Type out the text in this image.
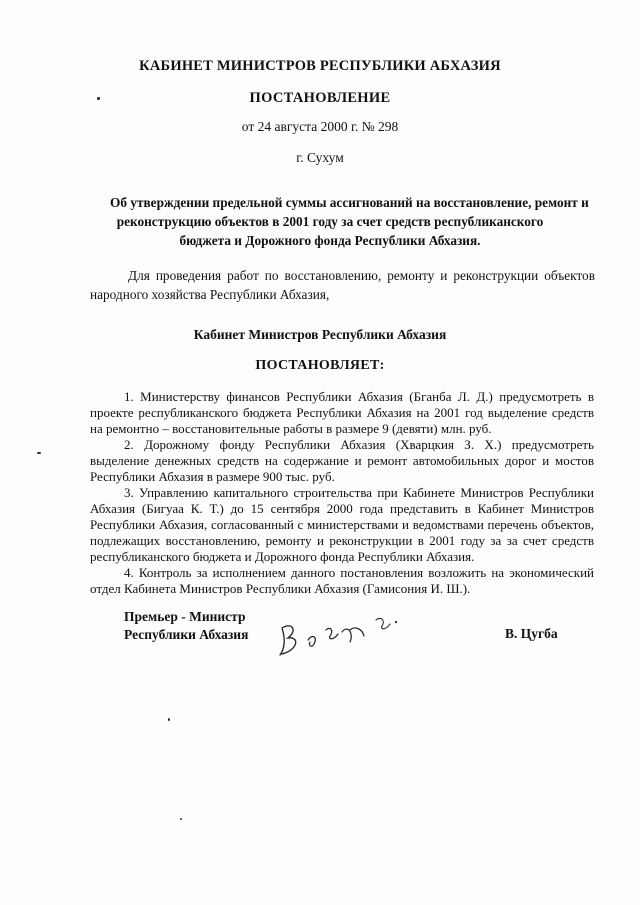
КАБИНЕТ МИНИСТРОВ РЕСПУБЛИКИ АБХАЗИЯ
ПОСТАНОВЛЕНИЕ
от 24 августа 2000 г. № 298
г. Сухум
Об утверждении предельной суммы ассигнований на восстановление, ремонт и
реконструкцию объектов в 2001 году за счет средств республиканского
бюджета и Дорожного фонда Республики Абхазия.
Для проведения работ по восстановлению, ремонту и реконструкции объектов
народного хозяйства Республики Абхазия,
Кабинет Министров Республики Абхазия
ПОСТАНОВЛЯЕТ:
1. Министерству финансов Республики Абхазия (Бганба Л. Д.) предусмотреть в
проекте республиканского бюджета Республики Абхазия на 2001 год выделение средств
на ремонтно – восстановительные работы в размере 9 (девяти) млн. руб.
2. Дорожному фонду Республики Абхазия (Хварцкия З. Х.) предусмотреть
выделение денежных средств на содержание и ремонт автомобильных дорог и мостов
Республики Абхазия в размере 900 тыс. руб.
3. Управлению капитального строительства при Кабинете Министров Республики
Абхазия (Бигуаа К. Т.) до 15 сентября 2000 года представить в Кабинет Министров
Республики Абхазия, согласованный с министерствами и ведомствами перечень объектов,
подлежащих восстановлению, ремонту и реконструкции в 2001 году за за счет средств
республиканского бюджета и Дорожного фонда Республики Абхазия.
4. Контроль за исполнением данного постановления возложить на экономический
отдел Кабинета Министров Республики Абхазия (Гамисония И. Ш.).
Премьер - Министр
Республики Абхазия	В. Цугба
